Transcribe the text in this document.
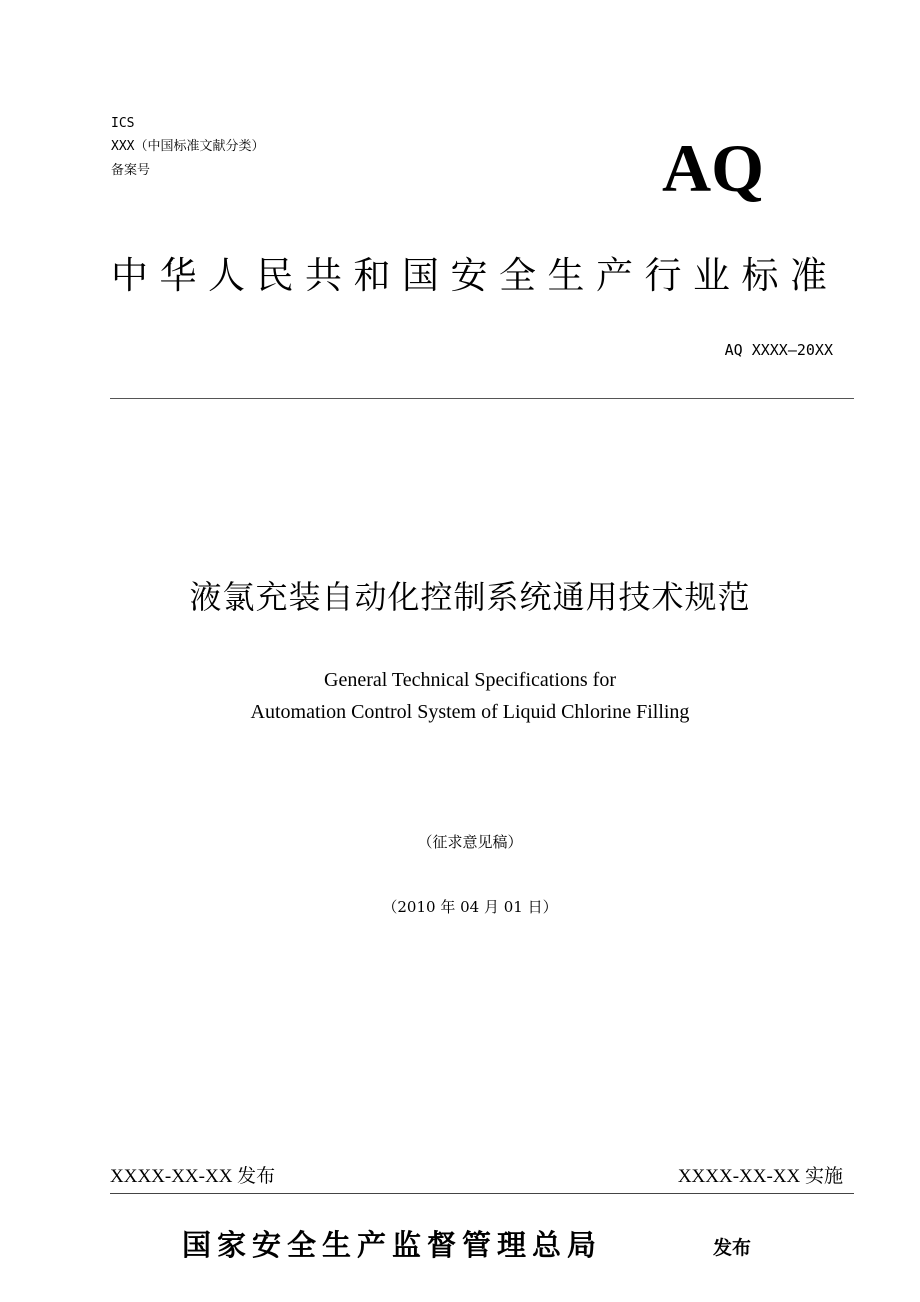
ICS
XXX（中国标准文献分类）
备案号	AQ
中华人民共和国安全生产行业标准
AQ XXXX—20XX
液氯充装自动化控制系统通用技术规范
General Technical Specifications for
Automation Control System of Liquid Chlorine Filling
（征求意见稿）
（2010 年 04 月 01 日）
XXXX-XX-XX 发布	XXXX-XX-XX 实施
国家安全生产监督管理总局	发布
